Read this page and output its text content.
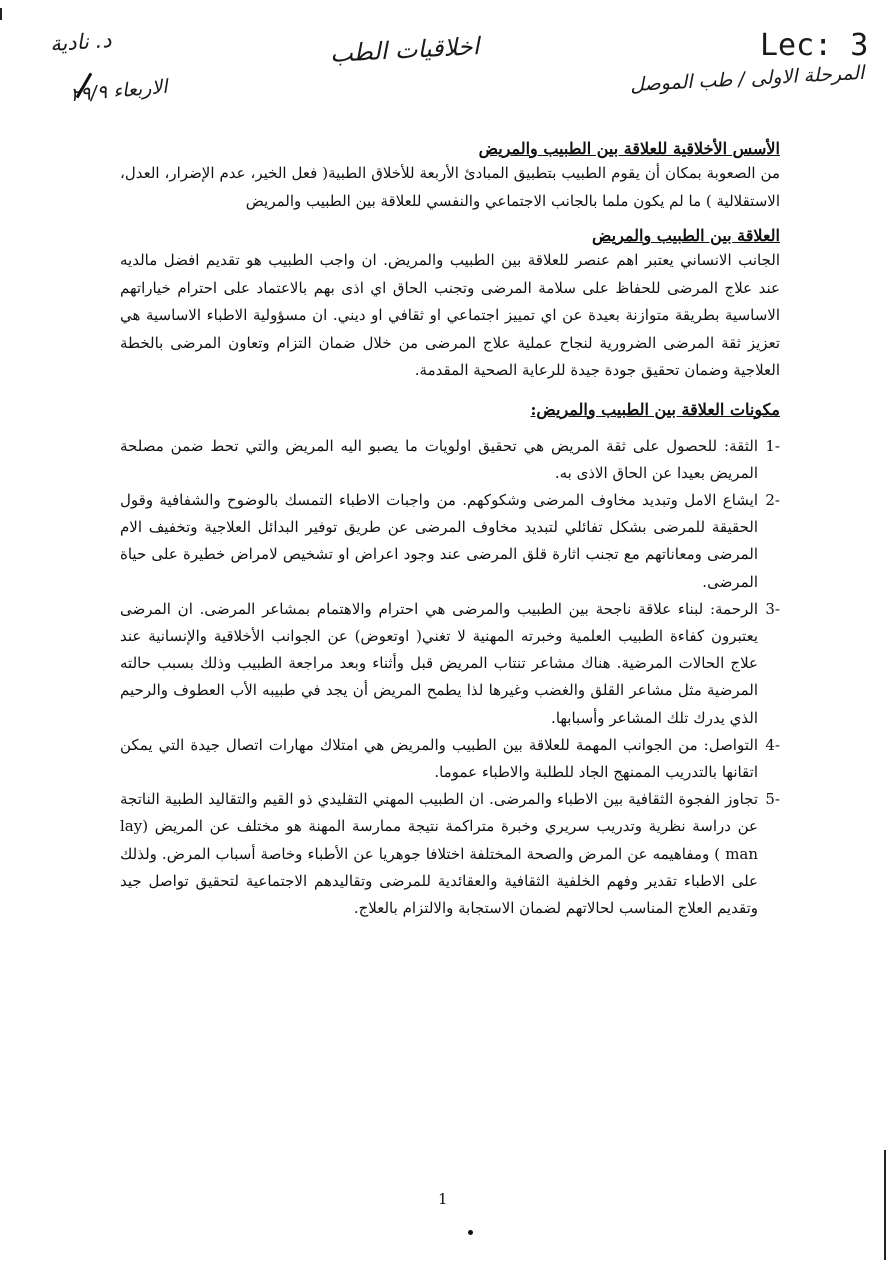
د. نادية
الاربعاء ٢٩/٩
اخلاقيات الطب	Lec: 3
المرحلة الاولى / طب الموصل
الأسس الأخلاقية للعلاقة بين الطبيب والمريض

من الصعوبة بمكان أن يقوم الطبيب بتطبيق المبادئ الأربعة للأخلاق الطبية( فعل الخير، عدم الإضرار، العدل، الاستقلالية ) ما لم يكون ملما بالجانب الاجتماعي والنفسي للعلاقة بين الطبيب والمريض

العلاقة بين الطبيب والمريض

الجانب الانساني يعتبر اهم عنصر للعلاقة بين الطبيب والمريض. ان واجب الطبيب هو تقديم افضل مالديه عند علاج المرضى للحفاظ على سلامة المرضى وتجنب الحاق اي اذى بهم بالاعتماد على احترام خياراتهم الاساسية بطريقة متوازنة بعيدة عن اي تمييز اجتماعي او ثقافي او ديني. ان مسؤولية الاطباء الاساسية هي تعزيز ثقة المرضى الضرورية لنجاح عملية علاج المرضى من خلال ضمان التزام وتعاون المرضى بالخطة العلاجية وضمان تحقيق جودة جيدة للرعاية الصحية المقدمة.

مكونات العلاقة بين الطبيب والمريض:
-1
الثقة: للحصول على ثقة المريض هي تحقيق اولويات ما يصبو اليه المريض والتي تحط ضمن مصلحة المريض بعيدا عن الحاق الاذى به.
-2
ايشاع الامل وتبديد مخاوف المرضى وشكوكهم. من واجبات الاطباء التمسك بالوضوح والشفافية وقول الحقيقة للمرضى بشكل تفائلي لتبديد مخاوف المرضى عن طريق توفير البدائل العلاجية وتخفيف الام المرضى ومعاناتهم مع تجنب اثارة قلق المرضى عند وجود اعراض او تشخيص لامراض خطيرة على حياة المرضى.
-3
الرحمة: لبناء علاقة ناجحة بين الطبيب والمرضى هي احترام والاهتمام بمشاعر المرضى. ان المرضى يعتبرون كفاءة الطبيب العلمية وخبرته المهنية لا تغني( اوتعوض) عن الجوانب الأخلاقية والإنسانية عند علاج الحالات المرضية. هناك مشاعر تنتاب المريض قبل وأثناء وبعد مراجعة الطبيب وذلك بسبب حالته المرضية مثل مشاعر القلق والغضب وغيرها لذا يطمح المريض أن يجد في طبيبه الأب العطوف والرحيم الذي يدرك تلك المشاعر وأسبابها.
-4
التواصل: من الجوانب المهمة للعلاقة بين الطبيب والمريض هي امتلاك مهارات اتصال جيدة التي يمكن اتقانها بالتدريب الممنهج الجاد للطلبة والاطباء عموما.
-5
تجاوز الفجوة الثقافية بين الاطباء والمرضى. ان الطبيب المهني التقليدي ذو القيم والتقاليد الطبية الناتجة عن دراسة نظرية وتدريب سريري وخبرة متراكمة نتيجة ممارسة المهنة هو مختلف عن المريض (lay man ) ومفاهيمه عن المرض والصحة المختلفة اختلافا جوهريا عن الأطباء وخاصة أسباب المرض. ولذلك على الاطباء تقدير وفهم الخلفية الثقافية والعقائدية للمرضى وتقاليدهم الاجتماعية لتحقيق تواصل جيد وتقديم العلاج المناسب لحالاتهم لضمان الاستجابة والالتزام بالعلاج.
1
